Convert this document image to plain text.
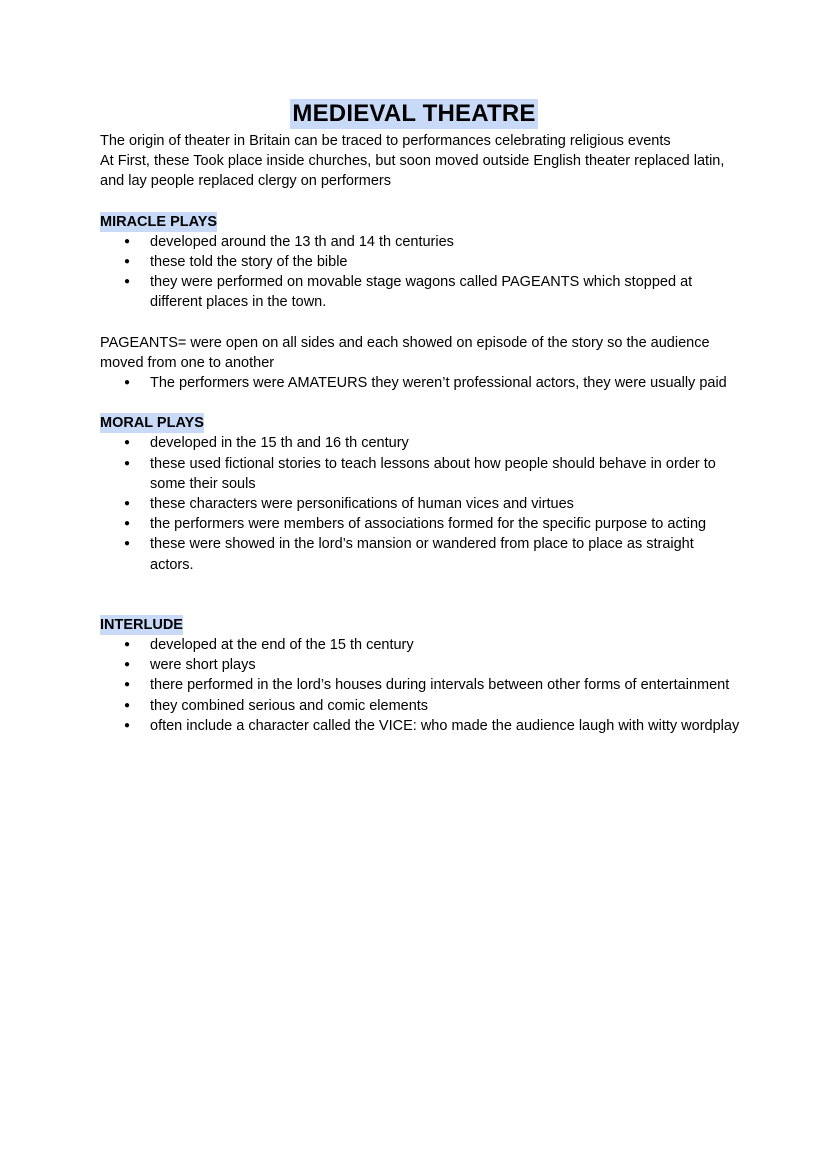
MEDIEVAL THEATRE

The origin of theater in Britain can be traced to performances celebrating religious events

At First, these Took place inside churches, but soon moved outside English theater replaced latin, and lay people replaced clergy on performers

MIRACLE PLAYS
● developed around the 13 th and 14 th centuries
● these told the story of the bible
● they were performed on movable stage wagons called PAGEANTS which stopped at different places in the town.

PAGEANTS= were open on all sides and each showed on episode of the story so the audience moved from one to another

● The performers were AMATEURS they weren’t professional actors, they were usually paid
MORAL PLAYS
● developed in the 15 th and 16 th century
● these used fictional stories to teach lessons about how people should behave in order to some their souls
● these characters were personifications of human vices and virtues
● the performers were members of associations formed for the specific purpose to acting
● these were showed in the lord’s mansion or wandered from place to place as straight actors.
INTERLUDE
● developed at the end of the 15 th century
● were short plays
● there performed in the lord’s houses during intervals between other forms of entertainment
● they combined serious and comic elements
● often include a character called the VICE: who made the audience laugh with witty wordplay
